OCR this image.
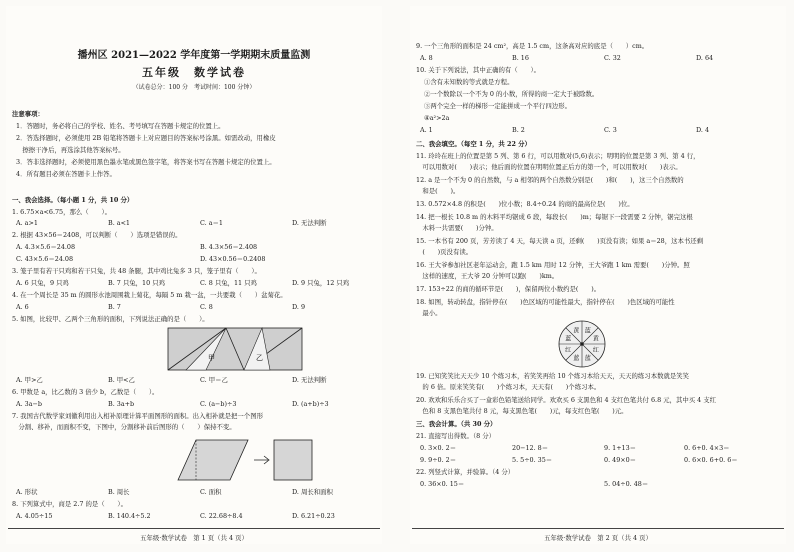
播州区 2021—2022 学年度第一学期期末质量监测
五年级　数学试卷
（试卷总分：100 分　考试时间：100 分钟）
注意事项：
1．答题时，务必将自己的学校、姓名、考号填写在答题卡规定的位置上。
2．答选择题时，必须使用 2B 铅笔将答题卡上对应题目的答案标号涂黑。如需改动，用橡皮
　擦擦干净后，再选涂其他答案标号。
3．答非选择题时，必须使用黑色墨水笔或黑色签字笔，将答案书写在答题卡规定的位置上。
4．所有题目必须在答题卡上作答。
一、我会选择。（每小题 1 分，共 10 分）
1. 6.75×a<6.75，那么（　　）。
A. a>1	B. a<1	C. a＝1	D. 无法判断
2. 根据 43×56＝2408，可以判断（　　）选项是错误的。
A. 4.3×5.6＝24.08	B. 4.3×56＝2.408
C. 43×5.6＝24.08	D. 43×0.56＝0.2408
3. 笼子里有若干只鸡和若干只兔，共 48 条腿，其中鸡比兔多 3 只，笼子里有（　　）。
A. 6 只兔，9 只鸡	B. 7 只兔，10 只鸡	C. 8 只兔，11 只鸡	D. 9 只兔，12 只鸡
4. 在一个周长是 35 m 的圆形水池周围栽上菊花，每隔 5 m 栽一盆，一共要栽（　　）盆菊花。
A. 6	B. 7	C. 8	D. 9
5. 如图，比较甲、乙两个三角形的面积，下列说法正确的是（　　）。
甲	乙
A. 甲>乙	B. 甲<乙	C. 甲＝乙	D. 无法判断
6. 甲数是 a，比乙数的 3 倍少 b，乙数是（　　）。
A. 3a−b	B. 3a+b	C. (a−b)÷3	D. (a+b)÷3
7. 我国古代数学家刘徽利用出入相补原理计算平面图形的面积。出入相补就是把一个图形
　分割、移补，而面积不变，下图中，分割移补前后图形的（　　）保持不变。
A. 形状	B. 周长	C. 面积	D. 周长和面积
8. 下列算式中，商是 2.7 的是（　　）。
A. 4.05÷15	B. 140.4÷5.2	C. 22.68÷8.4	D. 6.21÷0.23
五年级·数学试卷　第 1 页（共 4 页）
9. 一个三角形的面积是 24 cm²，高是 1.5 cm，这条高对应的底是（　　）cm。
A. 8	B. 16	C. 32	D. 64
10. 关于下列说法，其中正确的有（　　）。
①含有未知数的等式就是方程。
②一个数除以一个不为 0 的小数，所得的商一定大于被除数。
③两个完全一样的梯形一定能拼成一个平行四边形。
④a²>2a
A. 1	B. 2	C. 3	D. 4
二、我会填空。（每空 1 分，共 22 分）
11. 玲玲在班上的位置是第 5 列、第 6 行，可以用数对(5,6)表示；明明的位置是第 3 列、第 4 行，
　可以用数对(　　)表示；他后面的位置在明明位置正后方的第一个，可以用数对(　　)表示。
12. a 是一个不为 0 的自然数，与 a 相邻的两个自然数分别是(　　)和(　　)，这三个自然数的
　和是(　　)。
13. 0.572×4.8 的积是(　　)位小数；8.4÷0.24 的商的最高位是(　　)位。
14. 把一根长 10.8 m 的木料平均锯成 6 段，每段长(　　)m；每锯下一段需要 2 分钟，锯完这根
　木料一共需要(　　)分钟。
15. 一本书有 200 页，芳芳读了 4 天，每天读 a 页，还剩(　　)页没有读；如果 a＝28，这本书还剩
　(　　)页没有读。
16. 王大爷参加社区老年运动会，跑 1.5 km 用时 12 分钟，王大爷跑 1 km 需要(　　)分钟。照
　这样的速度，王大爷 20 分钟可以跑(　　)km。
17. 153÷22 的商的循环节是(　　)，保留两位小数约是(　　)。
18. 如图，转动转盘，指针停在(　　)色区域的可能性最大，指针停在(　　)色区域的可能性
　最小。
蓝
黄
红
蓝
蓝
红
蓝
黄
19. 已知笑笑比天天少 10 个练习本，若笑笑再给 10 个练习本给天天，天天的练习本数就是笑笑
　的 6 倍。原来笑笑有(　　)个练习本，天天有(　　)个练习本。
20. 欢欢和乐乐合买了一盒彩色铅笔送给同学。欢欢买 6 支黑色和 4 支红色笔共付 6.8 元，其中买 4 支红
　色和 8 支黑色笔共付 8 元，每支黑色笔(　　)元，每支红色笔(　　)元。
三、我会计算。（共 30 分）
21. 直接写出得数。（8 分）
0. 3×0. 2＝	20−12. 8＝	9. 1+13＝	0. 6+0. 4×3＝
9. 9÷0. 2＝	5. 5÷0. 35＝	0. 49×0＝	0. 6×0. 6+0. 6＝
22. 列竖式计算，并验算。（4 分）
0. 36×0. 15＝	5. 04÷0. 48＝
五年级·数学试卷　第 2 页（共 4 页）
